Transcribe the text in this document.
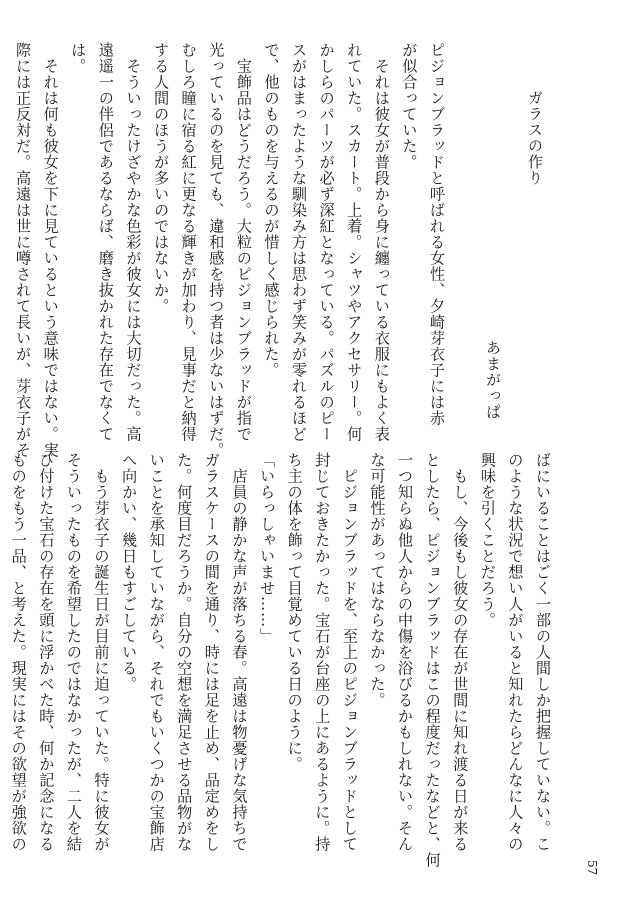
ガラスの作り
あまがっぱ

ピジョンブラッドと呼ばれる女性、夕崎芽衣子には赤

が似合っていた。

　それは彼女が普段から身に纏っている衣服にもよく表

れていた。スカート。上着。シャツやアクセサリー。何

かしらのパーツが必ず深紅となっている。パズルのピー

スがはまったような馴染み方は思わず笑みが零れるほど

で、他のものを与えるのが惜しく感じられた。

　宝飾品はどうだろう。大粒のピジョンブラッドが指で

光っているのを見ても、違和感を持つ者は少ないはずだ。

むしろ瞳に宿る紅に更なる輝きが加わり、見事だと納得

する人間のほうが多いのではないか。

　そういったけざやかな色彩が彼女には大切だった。高

遠遥一の伴侶であるならば、磨き抜かれた存在でなくて

は。

　それは何も彼女を下に見ているという意味ではない。実

際には正反対だ。高遠は世に噂されて長いが、芽衣子がそ

ばにいることはごく一部の人間しか把握していない。こ

のような状況で想い人がいると知れたらどんなに人々の

興味を引くことだろう。

　もし、今後もし彼女の存在が世間に知れ渡る日が来る

としたら、ピジョンブラッドはこの程度だったなどと、何

一つ知らぬ他人からの中傷を浴びるかもしれない。そん

な可能性があってはならなかった。

　ピジョンブラッドを、至上のピジョンブラッドとして

封じておきたかった。宝石が台座の上にあるように。持

ち主の体を飾って目覚めている日のように。

「いらっしゃいませ……」

　店員の静かな声が落ちる春。高遠は物憂げな気持ちで

ガラスケースの間を通り、時には足を止め、品定めをし

た。何度目だろうか。自分の空想を満足させる品物がな

いことを承知していながら、それでもいくつかの宝飾店

へ向かい、幾日もすごしている。

　もう芽衣子の誕生日が目前に迫っていた。特に彼女が

そういったものを希望したのではなかったが、二人を結

び付けた宝石の存在を頭に浮かべた時、何か記念になる

ものをもう一品、と考えた。現実にはその欲望が強欲の

57
